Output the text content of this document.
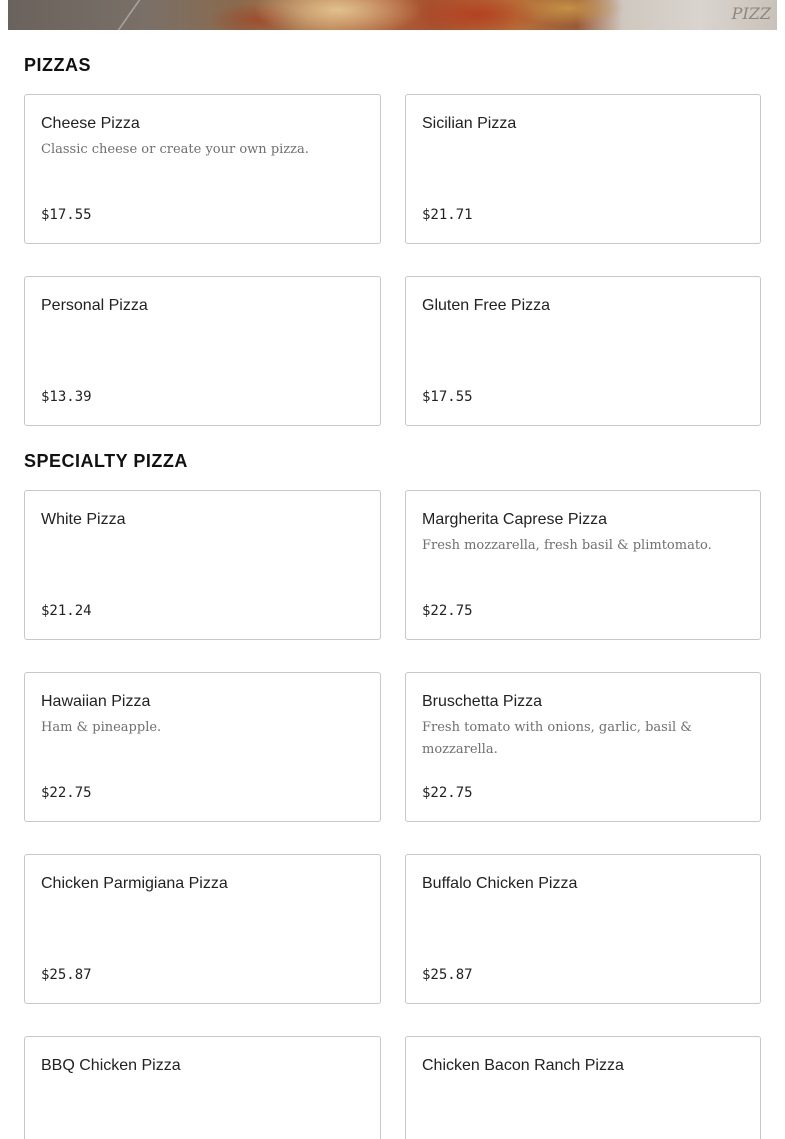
PIZZ
PIZZAS
Cheese Pizza
Classic cheese or create your own pizza.
$17.55
Sicilian Pizza
$21.71
Personal Pizza
$13.39
Gluten Free Pizza
$17.55
SPECIALTY PIZZA
White Pizza
$21.24
Margherita Caprese Pizza
Fresh mozzarella, fresh basil & plimtomato.
$22.75
Hawaiian Pizza
Ham & pineapple.
$22.75
Bruschetta Pizza
Fresh tomato with onions, garlic, basil & mozzarella.
$22.75
Chicken Parmigiana Pizza
$25.87
Buffalo Chicken Pizza
$25.87
BBQ Chicken Pizza	Chicken Bacon Ranch Pizza
